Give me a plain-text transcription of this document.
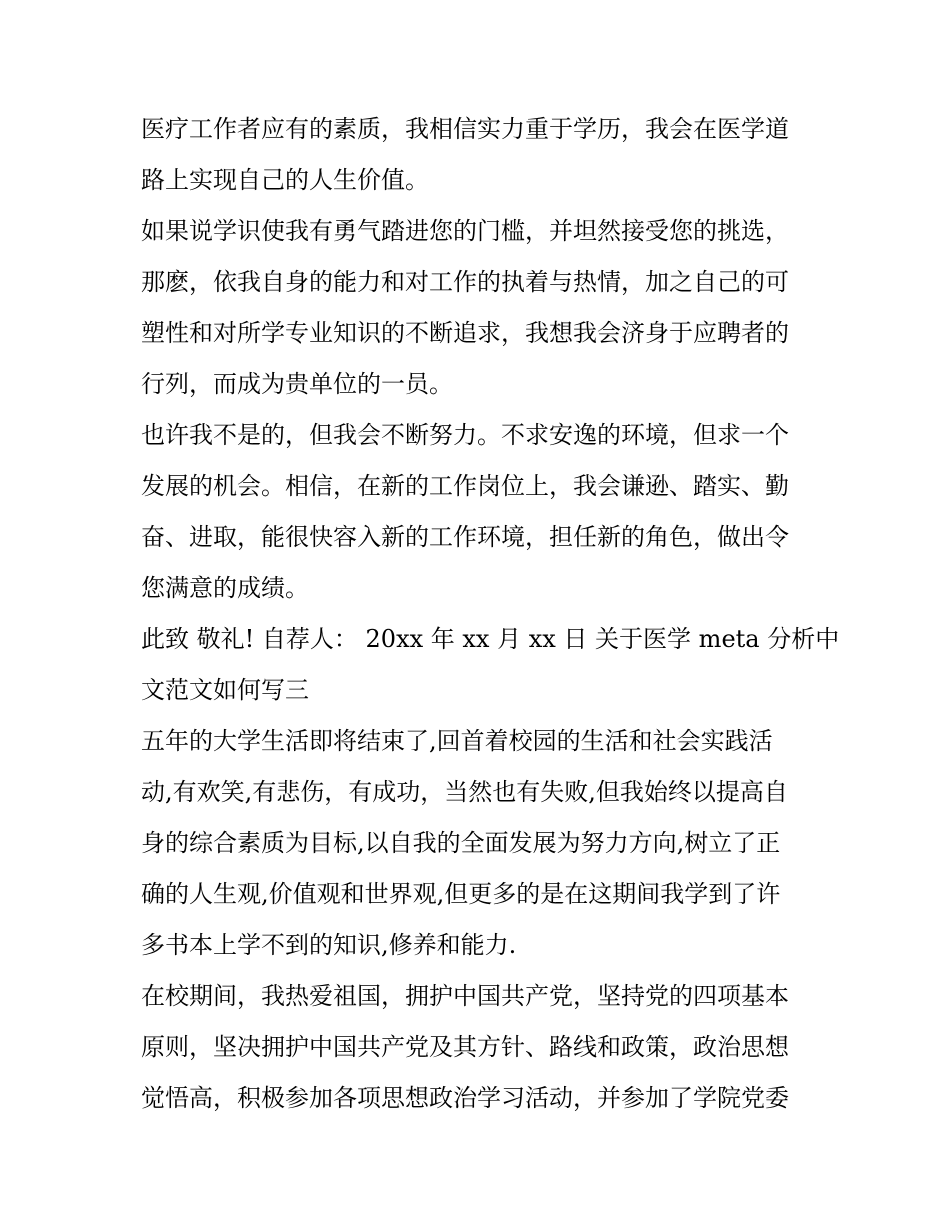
医疗工作者应有的素质，我相信实力重于学历，我会在医学道
路上实现自己的人生价值。

如果说学识使我有勇气踏进您的门槛，并坦然接受您的挑选，
那麽，依我自身的能力和对工作的执着与热情，加之自己的可
塑性和对所学专业知识的不断追求，我想我会济身于应聘者的
行列，而成为贵单位的一员。

也许我不是的，但我会不断努力。不求安逸的环境，但求一个
发展的机会。相信，在新的工作岗位上，我会谦逊、踏实、勤
奋、进取，能很快容入新的工作环境，担任新的角色，做出令
您满意的成绩。

此致 敬礼! 自荐人： 20xx 年 xx 月 xx 日 关于医学 meta 分析中
文范文如何写三

五年的大学生活即将结束了,回首着校园的生活和社会实践活
动,有欢笑,有悲伤，有成功，当然也有失败,但我始终以提高自
身的综合素质为目标,以自我的全面发展为努力方向,树立了正
确的人生观,价值观和世界观,但更多的是在这期间我学到了许
多书本上学不到的知识,修养和能力.

在校期间，我热爱祖国，拥护中国共产党，坚持党的四项基本
原则，坚决拥护中国共产党及其方针、路线和政策，政治思想
觉悟高，积极参加各项思想政治学习活动，并参加了学院党委
